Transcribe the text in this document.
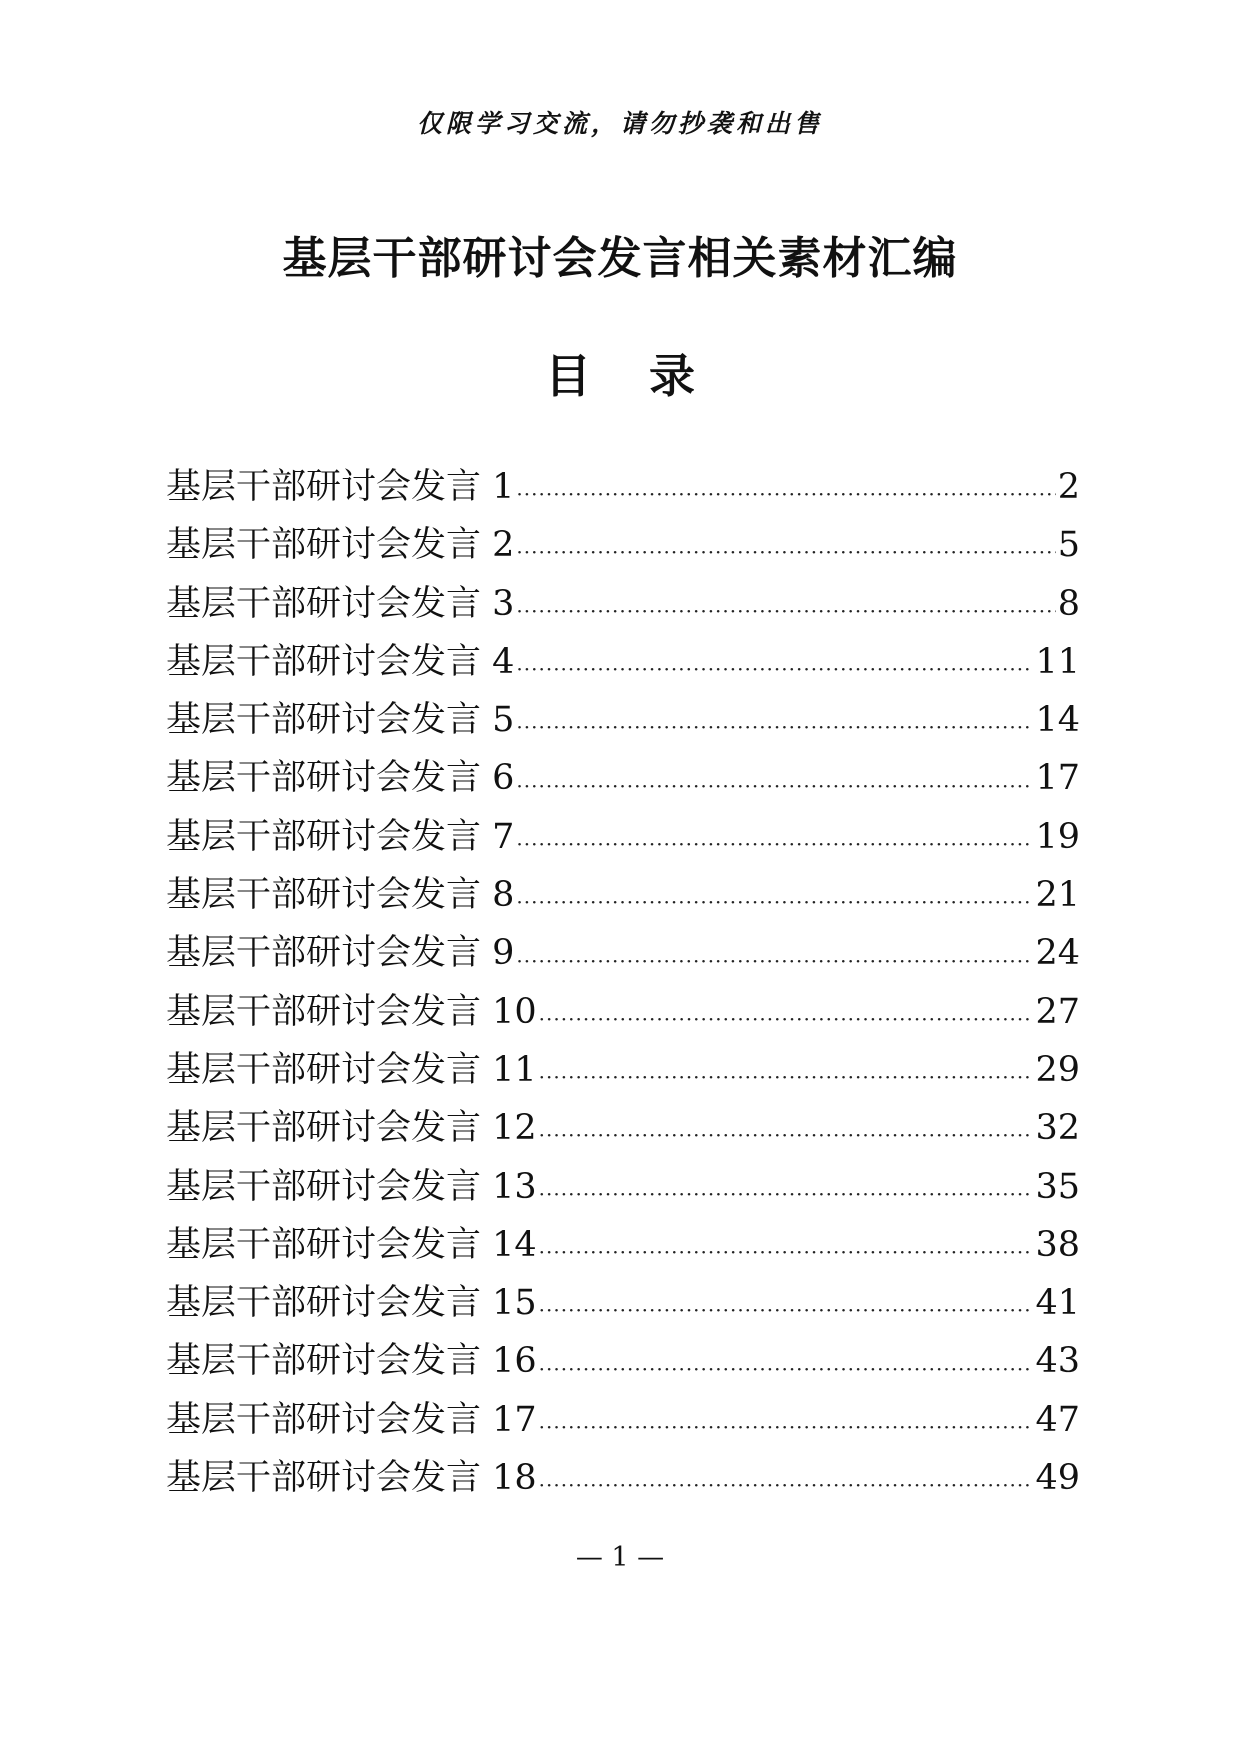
仅限学习交流，请勿抄袭和出售
基层干部研讨会发言相关素材汇编
目 录
基层干部研讨会发言 1 ·····	2
基层干部研讨会发言 2 ·····	5
基层干部研讨会发言 3 ·····	8
基层干部研讨会发言 4 ·····	11
基层干部研讨会发言 5 ·····	14
基层干部研讨会发言 6 ·····	17
基层干部研讨会发言 7 ·····	19
基层干部研讨会发言 8 ·····	21
基层干部研讨会发言 9 ·····	24
基层干部研讨会发言 10 ·····	27
基层干部研讨会发言 11 ·····	29
基层干部研讨会发言 12 ·····	32
基层干部研讨会发言 13 ·····	35
基层干部研讨会发言 14 ·····	38
基层干部研讨会发言 15 ·····	41
基层干部研讨会发言 16 ·····	43
基层干部研讨会发言 17 ·····	47
基层干部研讨会发言 18 ·····	49
— 1 —
